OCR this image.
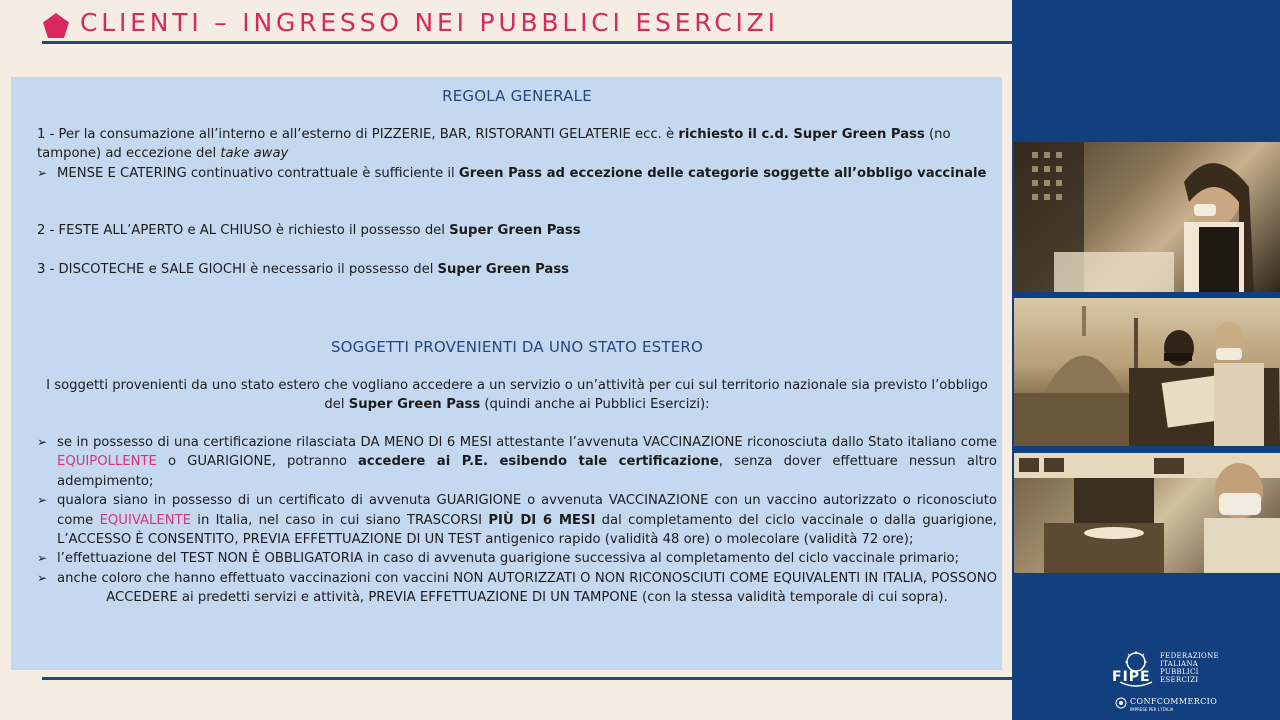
CLIENTI – INGRESSO NEI PUBBLICI ESERCIZI
REGOLA GENERALE
1 - Per la consumazione all’interno e all’esterno di PIZZERIE, BAR, RISTORANTI GELATERIE ecc. è richiesto il c.d. Super Green Pass (no tampone) ad eccezione del take away
➢ MENSE E CATERING continuativo contrattuale è sufficiente il Green Pass ad eccezione delle categorie soggette all’obbligo vaccinale
2 - FESTE ALL’APERTO e AL CHIUSO è richiesto il possesso del Super Green Pass
3 - DISCOTECHE e SALE GIOCHI è necessario il possesso del Super Green Pass
SOGGETTI PROVENIENTI DA UNO STATO ESTERO
I soggetti provenienti da uno stato estero che vogliano accedere a un servizio o un’attività per cui sul territorio nazionale sia previsto l’obbligo del Super Green Pass (quindi anche ai Pubblici Esercizi):
➢ se in possesso di una certificazione rilasciata DA MENO DI 6 MESI attestante l’avvenuta VACCINAZIONE riconosciuta dallo Stato italiano come EQUIPOLLENTE o GUARIGIONE, potranno accedere ai P.E. esibendo tale certificazione, senza dover effettuare nessun altro adempimento;
➢ qualora siano in possesso di un certificato di avvenuta GUARIGIONE o avvenuta VACCINAZIONE con un vaccino autorizzato o riconosciuto come EQUIVALENTE in Italia, nel caso in cui siano TRASCORSI PIÙ DI 6 MESI dal completamento del ciclo vaccinale o dalla guarigione, L’ACCESSO È CONSENTITO, PREVIA EFFETTUAZIONE DI UN TEST antigenico rapido (validità 48 ore) o molecolare (validità 72 ore);
➢ l’effettuazione del TEST NON È OBBLIGATORIA in caso di avvenuta guarigione successiva al completamento del ciclo vaccinale primario;
➢ anche coloro che hanno effettuato vaccinazioni con vaccini NON AUTORIZZATI O NON RICONOSCIUTI COME EQUIVALENTI IN ITALIA, POSSONO ACCEDERE ai predetti servizi e attività, PREVIA EFFETTUAZIONE DI UN TAMPONE (con la stessa validità temporale di cui sopra).
FIPE
FEDERAZIONE
ITALIANA
PUBBLICI
ESERCIZI
CONFCOMMERCIO
IMPRESE PER L’ITALIA
